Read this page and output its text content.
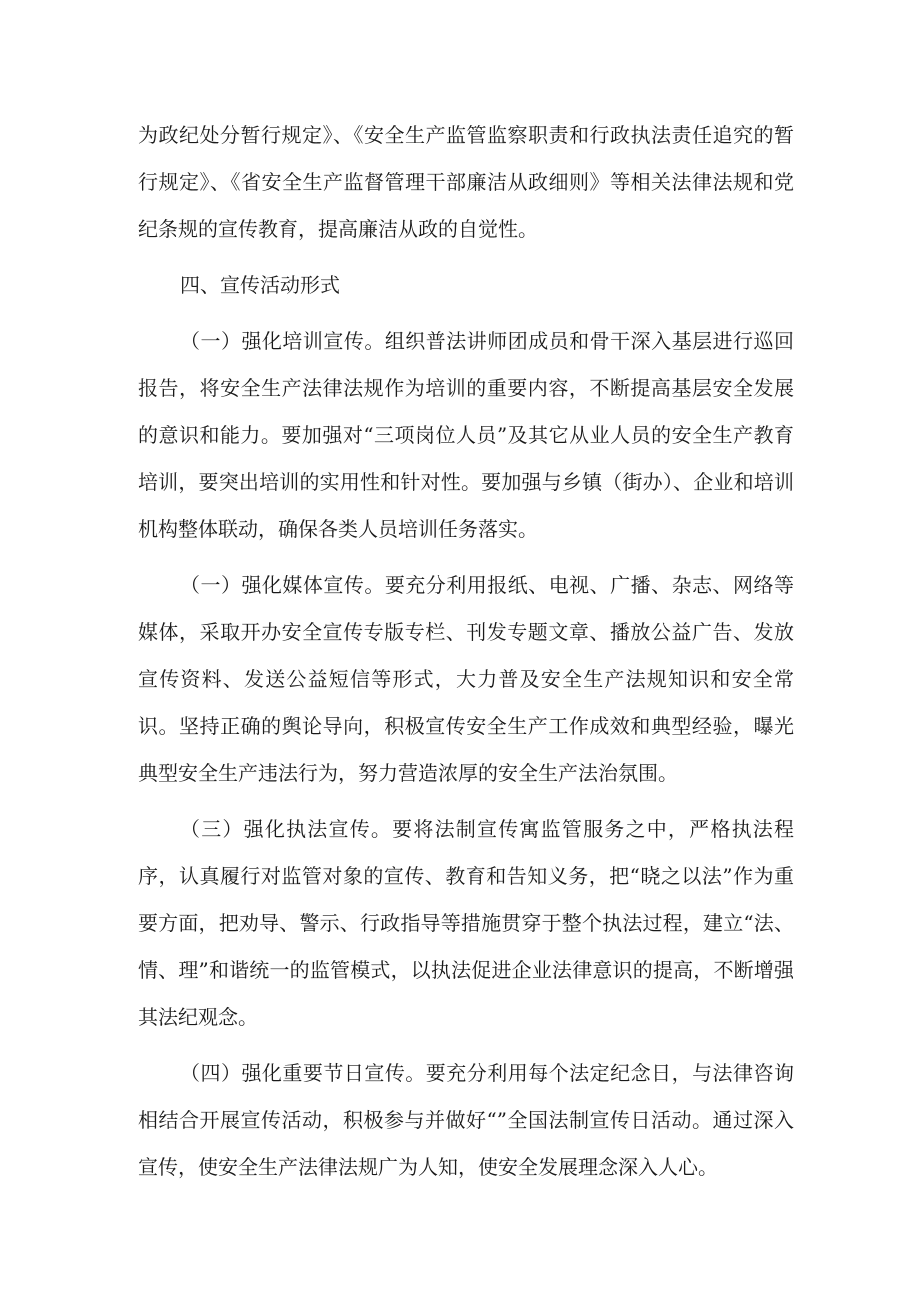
为政纪处分暂行规定》、《安全生产监管监察职责和行政执法责任追究的暂行规定》、《省安全生产监督管理干部廉洁从政细则》等相关法律法规和党纪条规的宣传教育，提高廉洁从政的自觉性。

四、宣传活动形式

（一）强化培训宣传。组织普法讲师团成员和骨干深入基层进行巡回报告，将安全生产法律法规作为培训的重要内容，不断提高基层安全发展的意识和能力。要加强对“三项岗位人员”及其它从业人员的安全生产教育培训，要突出培训的实用性和针对性。要加强与乡镇（街办）、企业和培训机构整体联动，确保各类人员培训任务落实。

（一）强化媒体宣传。要充分利用报纸、电视、广播、杂志、网络等媒体，采取开办安全宣传专版专栏、刊发专题文章、播放公益广告、发放宣传资料、发送公益短信等形式，大力普及安全生产法规知识和安全常识。坚持正确的舆论导向，积极宣传安全生产工作成效和典型经验，曝光典型安全生产违法行为，努力营造浓厚的安全生产法治氛围。

（三）强化执法宣传。要将法制宣传寓监管服务之中，严格执法程序，认真履行对监管对象的宣传、教育和告知义务，把“晓之以法”作为重要方面，把劝导、警示、行政指导等措施贯穿于整个执法过程，建立“法、情、理”和谐统一的监管模式，以执法促进企业法律意识的提高，不断增强其法纪观念。

（四）强化重要节日宣传。要充分利用每个法定纪念日，与法律咨询相结合开展宣传活动，积极参与并做好“”全国法制宣传日活动。通过深入宣传，使安全生产法律法规广为人知，使安全发展理念深入人心。
